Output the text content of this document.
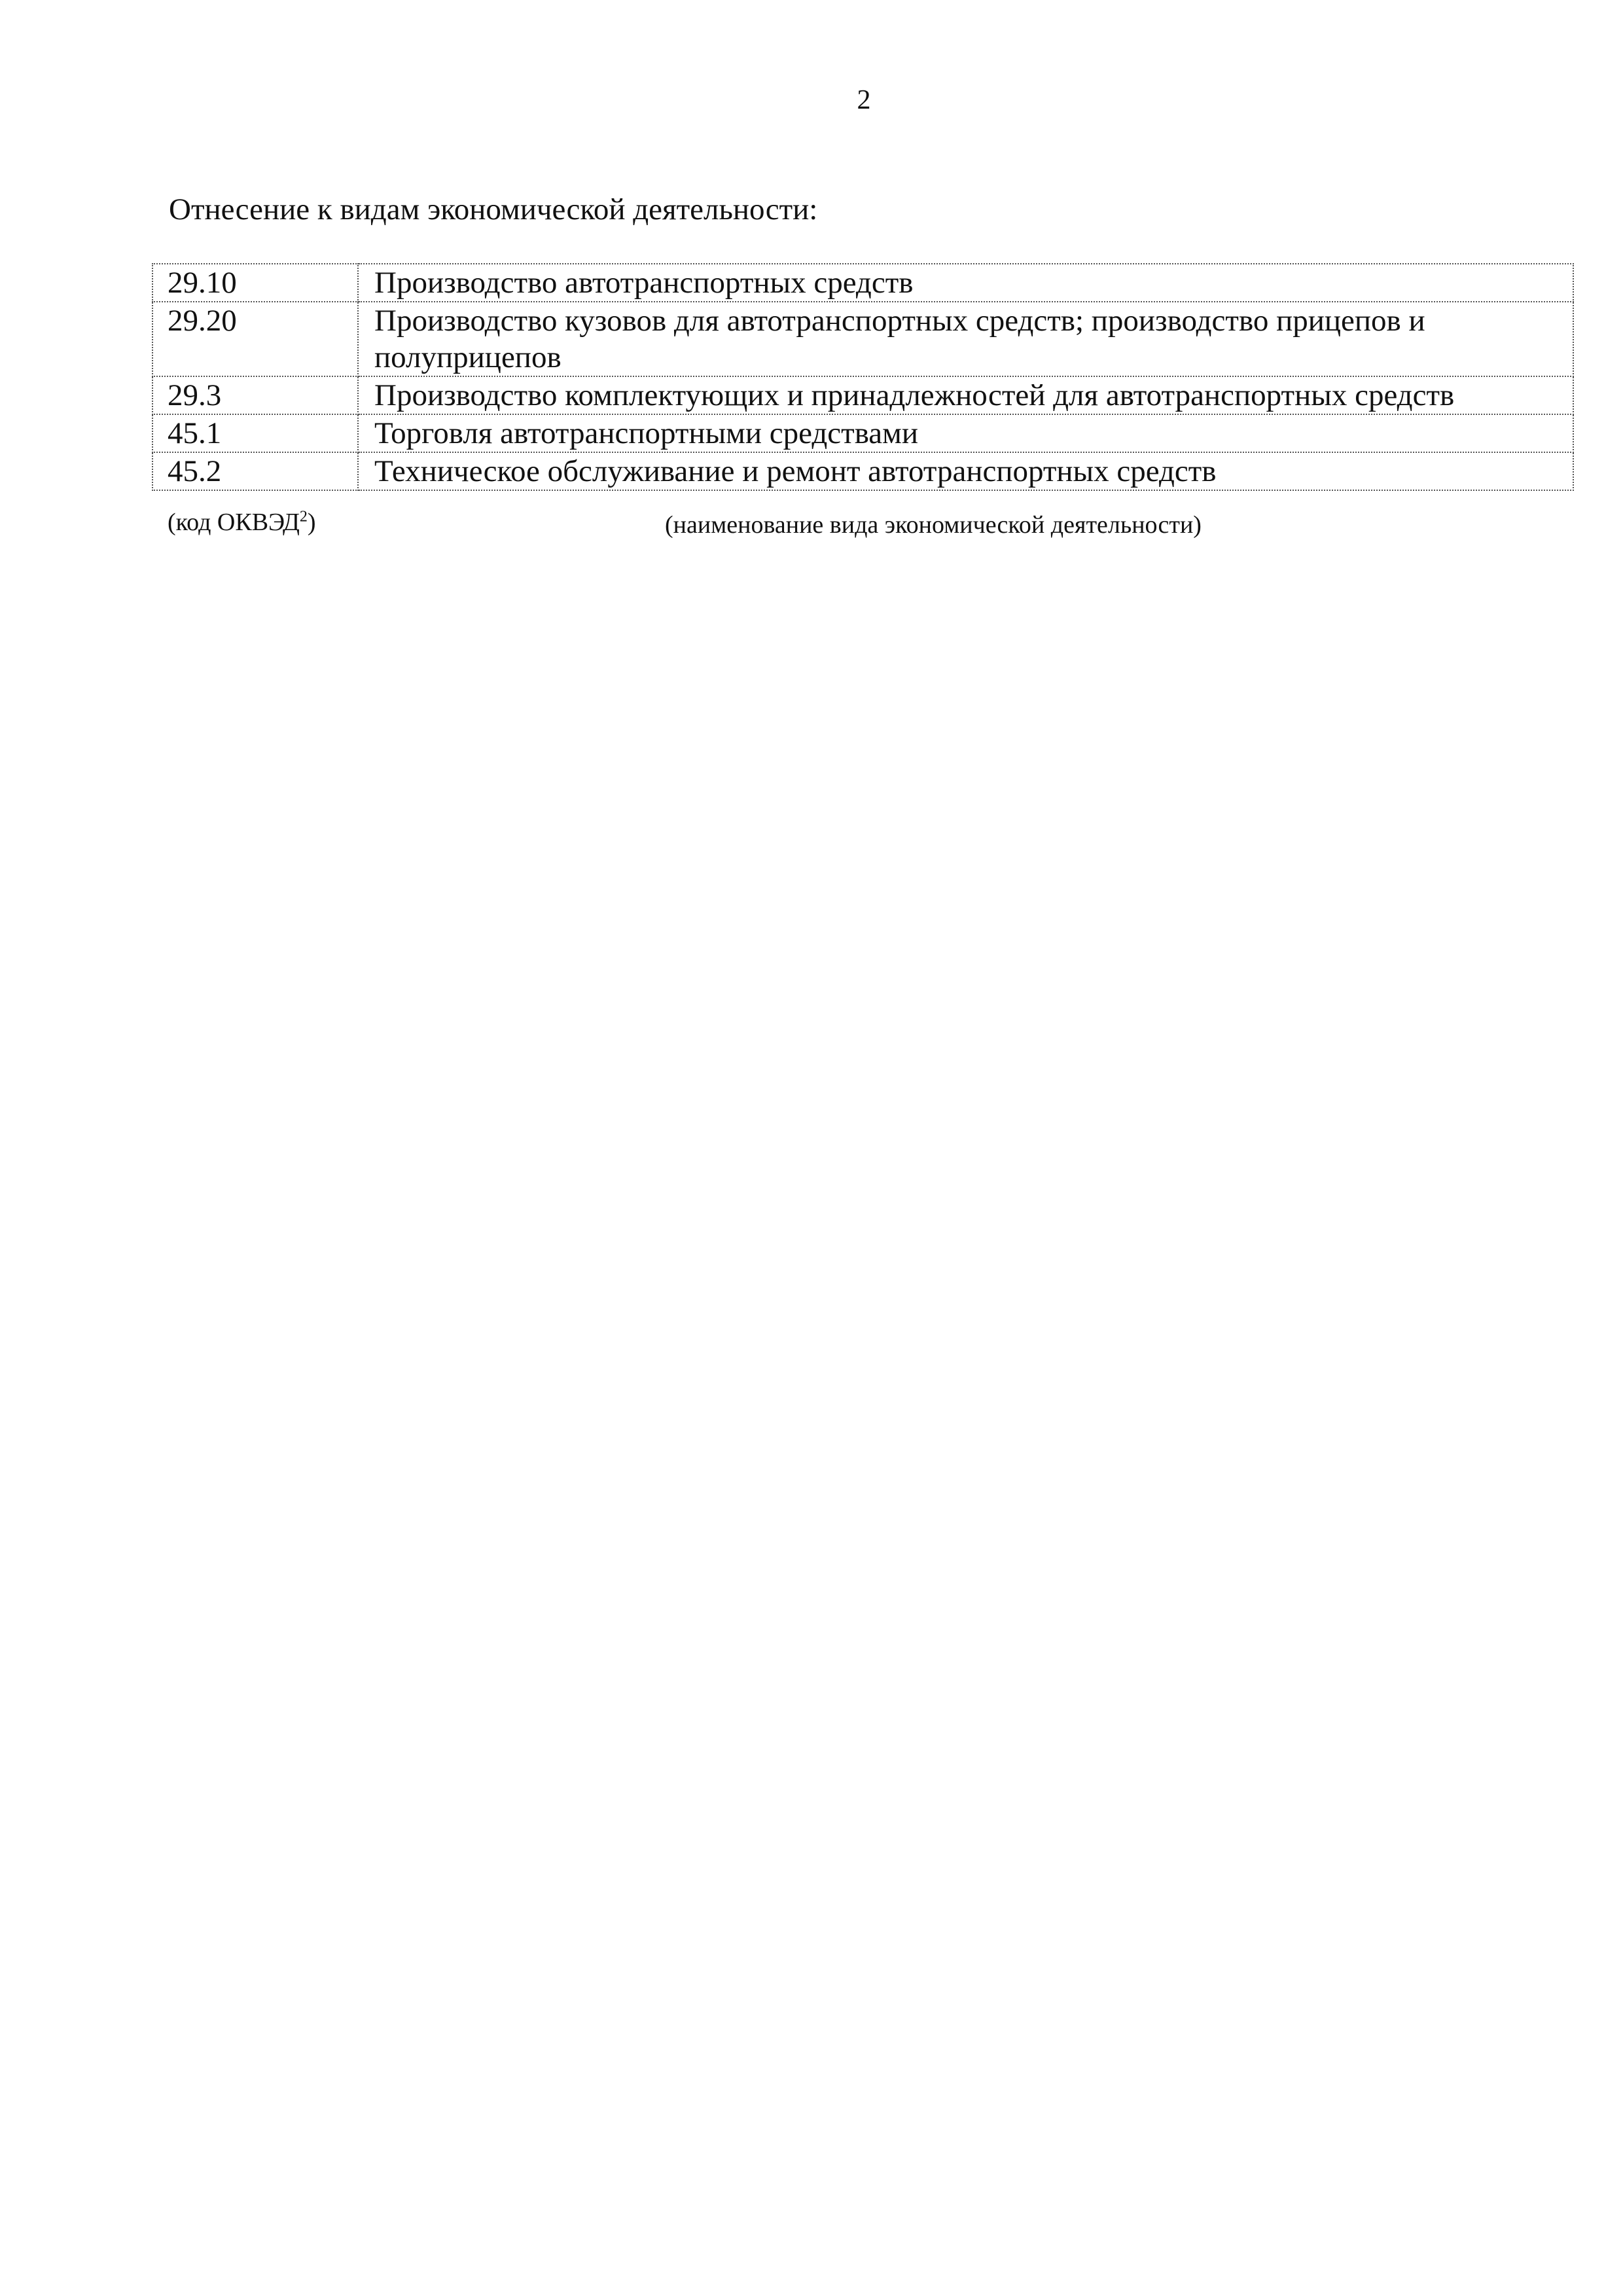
2
Отнесение к видам экономической деятельности:
29.10	Производство автотранспортных средств
29.20	Производство кузовов для автотранспортных средств; производство прицепов и полуприцепов
29.3	Производство комплектующих и принадлежностей для автотранспортных средств
45.1	Торговля автотранспортными средствами
45.2	Техническое обслуживание и ремонт автотранспортных средств
(код ОКВЭД$^2$)	(наименование вида экономической деятельности)
